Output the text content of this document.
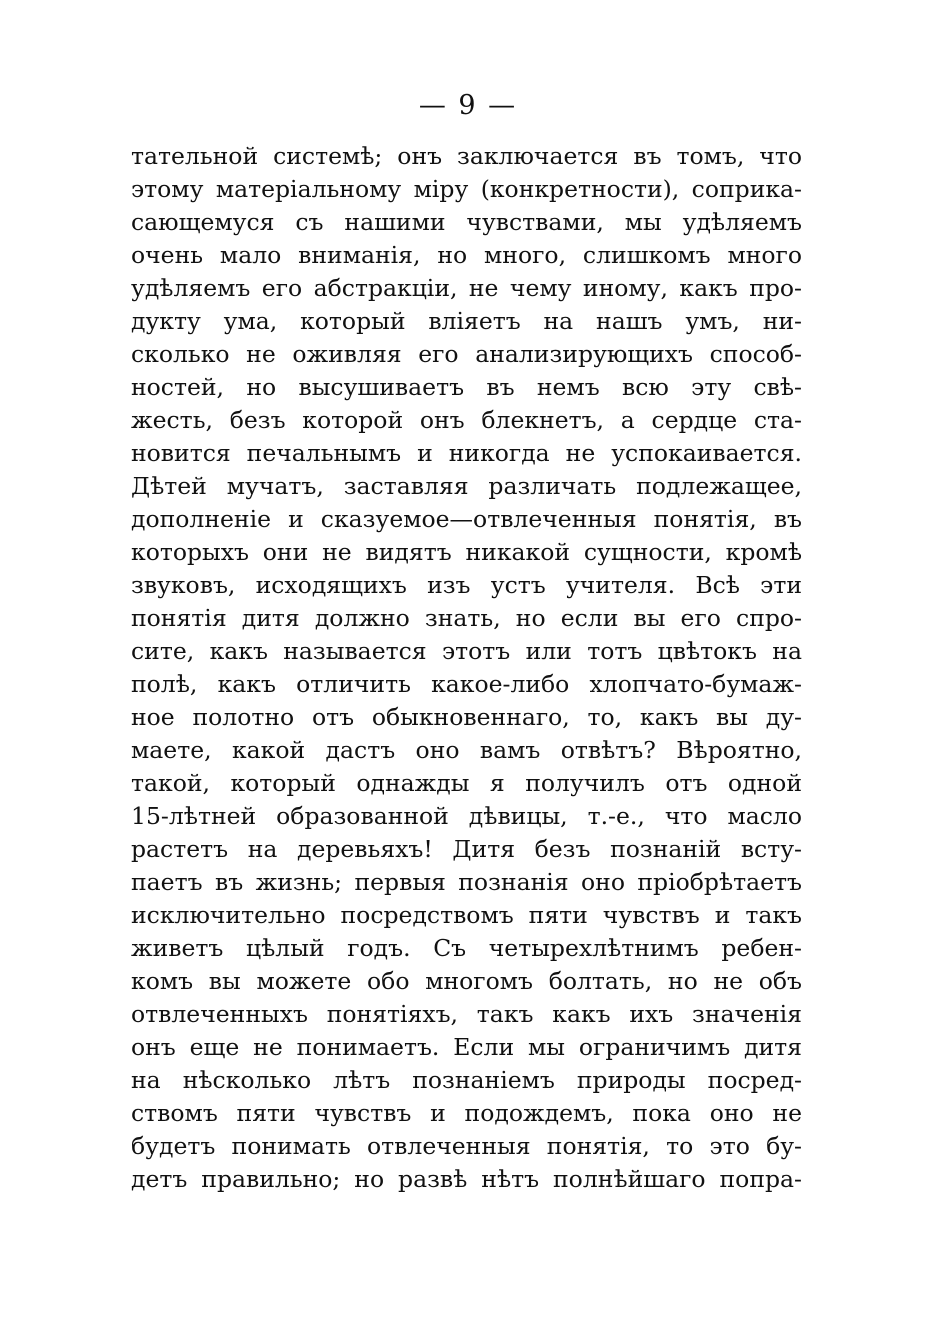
— 9 —
тательной системѣ; онъ заключается въ томъ, что
этому матеріальному міру (конкретности), соприка-
сающемуся съ нашими чувствами, мы удѣляемъ
очень мало вниманія, но много, слишкомъ много
удѣляемъ его абстракціи, не чему иному, какъ про-
дукту ума, который вліяетъ на нашъ умъ, ни-
сколько не оживляя его анализирующихъ способ-
ностей, но высушиваетъ въ немъ всю эту свѣ-
жесть, безъ которой онъ блекнетъ, а сердце ста-
новится печальнымъ и никогда не успокаивается.
Дѣтей мучатъ, заставляя различать подлежащее,
дополненіе и сказуемое—отвлеченныя понятія, въ
которыхъ они не видятъ никакой сущности, кромѣ
звуковъ, исходящихъ изъ устъ учителя. Всѣ эти
понятія дитя должно знать, но если вы его спро-
сите, какъ называется этотъ или тотъ цвѣтокъ на
полѣ, какъ отличить какое-либо хлопчато-бумаж-
ное полотно отъ обыкновеннаго, то, какъ вы ду-
маете, какой дастъ оно вамъ отвѣтъ? Вѣроятно,
такой, который однажды я получилъ отъ одной
15-лѣтней образованной дѣвицы, т.-е., что масло
растетъ на деревьяхъ! Дитя безъ познаній всту-
паетъ въ жизнь; первыя познанія оно пріобрѣтаетъ
исключительно посредствомъ пяти чувствъ и такъ
живетъ цѣлый годъ. Съ четырехлѣтнимъ ребен-
комъ вы можете обо многомъ болтать, но не объ
отвлеченныхъ понятіяхъ, такъ какъ ихъ значенія
онъ еще не понимаетъ. Если мы ограничимъ дитя
на нѣсколько лѣтъ познаніемъ природы посред-
ствомъ пяти чувствъ и подождемъ, пока оно не
будетъ понимать отвлеченныя понятія, то это бу-
детъ правильно; но развѣ нѣтъ полнѣйшаго попра-
